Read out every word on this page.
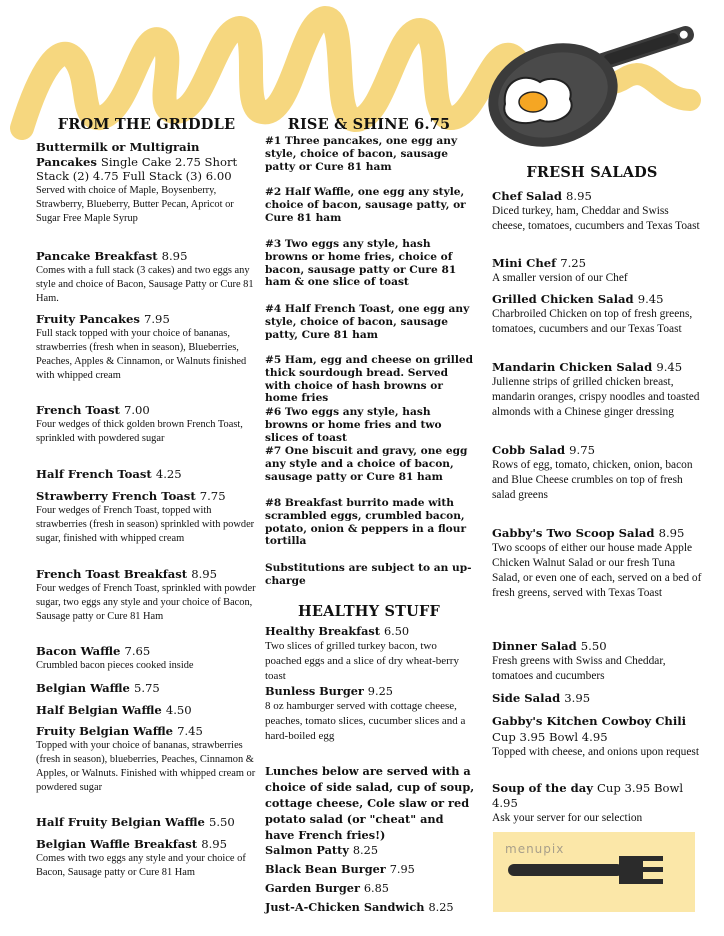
FROM THE GRIDDLE
Buttermilk or Multigrain Pancakes Single Cake 2.75 Short Stack (2) 4.75 Full Stack (3) 6.00
Served with choice of Maple, Boysenberry, Strawberry, Blueberry, Butter Pecan, Apricot or Sugar Free Maple Syrup
Pancake Breakfast 8.95
Comes with a full stack (3 cakes) and two eggs any style and choice of Bacon, Sausage Patty or Cure 81 Ham.
Fruity Pancakes 7.95
Full stack topped with your choice of bananas, strawberries (fresh when in season), Blueberries, Peaches, Apples & Cinnamon, or Walnuts finished with whipped cream
French Toast 7.00
Four wedges of thick golden brown French Toast, sprinkled with powdered sugar
Half French Toast 4.25
Strawberry French Toast 7.75
Four wedges of French Toast, topped with strawberries (fresh in season) sprinkled with powder sugar, finished with whipped cream
French Toast Breakfast 8.95
Four wedges of French Toast, sprinkled with powder sugar, two eggs any style and your choice of Bacon, Sausage patty or Cure 81 Ham
Bacon Waffle 7.65
Crumbled bacon pieces cooked inside
Belgian Waffle 5.75
Half Belgian Waffle 4.50
Fruity Belgian Waffle 7.45
Topped with your choice of bananas, strawberries (fresh in season), blueberries, Peaches, Cinnamon & Apples, or Walnuts. Finished with whipped cream or powdered sugar
Half Fruity Belgian Waffle 5.50
Belgian Waffle Breakfast 8.95
Comes with two eggs any style and your choice of Bacon, Sausage patty or Cure 81 Ham
RISE & SHINE 6.75
#1 Three pancakes, one egg any style, choice of bacon, sausage patty or Cure 81 ham
#2 Half Waffle, one egg any style, choice of bacon, sausage patty, or Cure 81 ham
#3 Two eggs any style, hash browns or home fries, choice of bacon, sausage patty or Cure 81 ham & one slice of toast
#4 Half French Toast, one egg any style, choice of bacon, sausage patty, Cure 81 ham
#5 Ham, egg and cheese on grilled thick sourdough bread. Served with choice of hash browns or home fries
#6 Two eggs any style, hash browns or home fries and two slices of toast
#7 One biscuit and gravy, one egg any style and a choice of bacon, sausage patty or Cure 81 ham
#8 Breakfast burrito made with scrambled eggs, crumbled bacon, potato, onion & peppers in a flour tortilla
Substitutions are subject to an up-charge
HEALTHY STUFF
Healthy Breakfast 6.50
Two slices of grilled turkey bacon, two poached eggs and a slice of dry wheat-berry toast
Bunless Burger 9.25
8 oz hamburger served with cottage cheese, peaches, tomato slices, cucumber slices and a hard-boiled egg
Lunches below are served with a choice of side salad, cup of soup, cottage cheese, Cole slaw or red potato salad (or "cheat" and have French fries!)
Salmon Patty 8.25
Black Bean Burger 7.95
Garden Burger 6.85
Just-A-Chicken Sandwich 8.25
FRESH SALADS
Chef Salad 8.95
Diced turkey, ham, Cheddar and Swiss cheese, tomatoes, cucumbers and Texas Toast
Mini Chef 7.25
A smaller version of our Chef
Grilled Chicken Salad 9.45
Charbroiled Chicken on top of fresh greens, tomatoes, cucumbers and our Texas Toast
Mandarin Chicken Salad 9.45
Julienne strips of grilled chicken breast, mandarin oranges, crispy noodles and toasted almonds with a Chinese ginger dressing
Cobb Salad 9.75
Rows of egg, tomato, chicken, onion, bacon and Blue Cheese crumbles on top of fresh salad greens
Gabby's Two Scoop Salad 8.95
Two scoops of either our house made Apple Chicken Walnut Salad or our fresh Tuna Salad, or even one of each, served on a bed of fresh greens, served with Texas Toast
Dinner Salad 5.50
Fresh greens with Swiss and Cheddar, tomatoes and cucumbers
Side Salad 3.95
Gabby's Kitchen Cowboy Chili Cup 3.95 Bowl 4.95
Topped with cheese, and onions upon request
Soup of the day Cup 3.95 Bowl 4.95
Ask your server for our selection
menupix
